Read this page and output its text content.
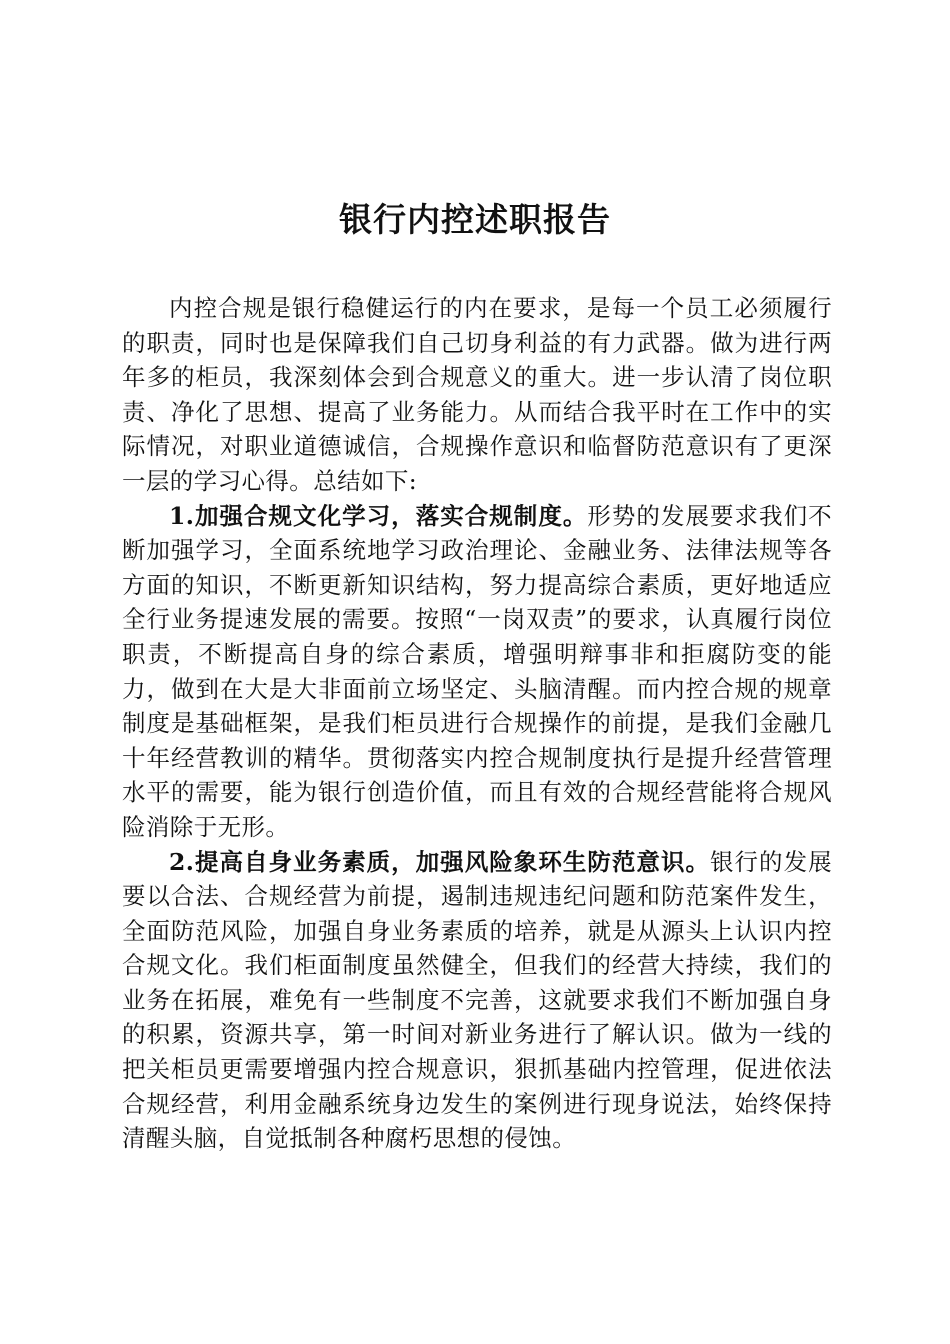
银行内控述职报告

内控合规是银行稳健运行的内在要求，是每一个员工必须履行的职责，同时也是保障我们自己切身利益的有力武器。做为进行两年多的柜员，我深刻体会到合规意义的重大。进一步认清了岗位职责、净化了思想、提高了业务能力。从而结合我平时在工作中的实际情况，对职业道德诚信，合规操作意识和临督防范意识有了更深一层的学习心得。总结如下:

1.加强合规文化学习，落实合规制度。形势的发展要求我们不断加强学习，全面系统地学习政治理论、金融业务、法律法规等各方面的知识，不断更新知识结构，努力提高综合素质，更好地适应全行业务提速发展的需要。按照“一岗双责”的要求，认真履行岗位职责，不断提高自身的综合素质，增强明辩事非和拒腐防变的能力，做到在大是大非面前立场坚定、头脑清醒。而内控合规的规章制度是基础框架，是我们柜员进行合规操作的前提，是我们金融几十年经营教训的精华。贯彻落实内控合规制度执行是提升经营管理水平的需要，能为银行创造价值，而且有效的合规经营能将合规风险消除于无形。

2.提高自身业务素质，加强风险象环生防范意识。银行的发展要以合法、合规经营为前提，遏制违规违纪问题和防范案件发生，全面防范风险，加强自身业务素质的培养，就是从源头上认识内控合规文化。我们柜面制度虽然健全，但我们的经营大持续，我们的业务在拓展，难免有一些制度不完善，这就要求我们不断加强自身的积累，资源共享，第一时间对新业务进行了解认识。做为一线的把关柜员更需要增强内控合规意识，狠抓基础内控管理，促进依法合规经营，利用金融系统身边发生的案例进行现身说法，始终保持清醒头脑，自觉抵制各种腐朽思想的侵蚀。
